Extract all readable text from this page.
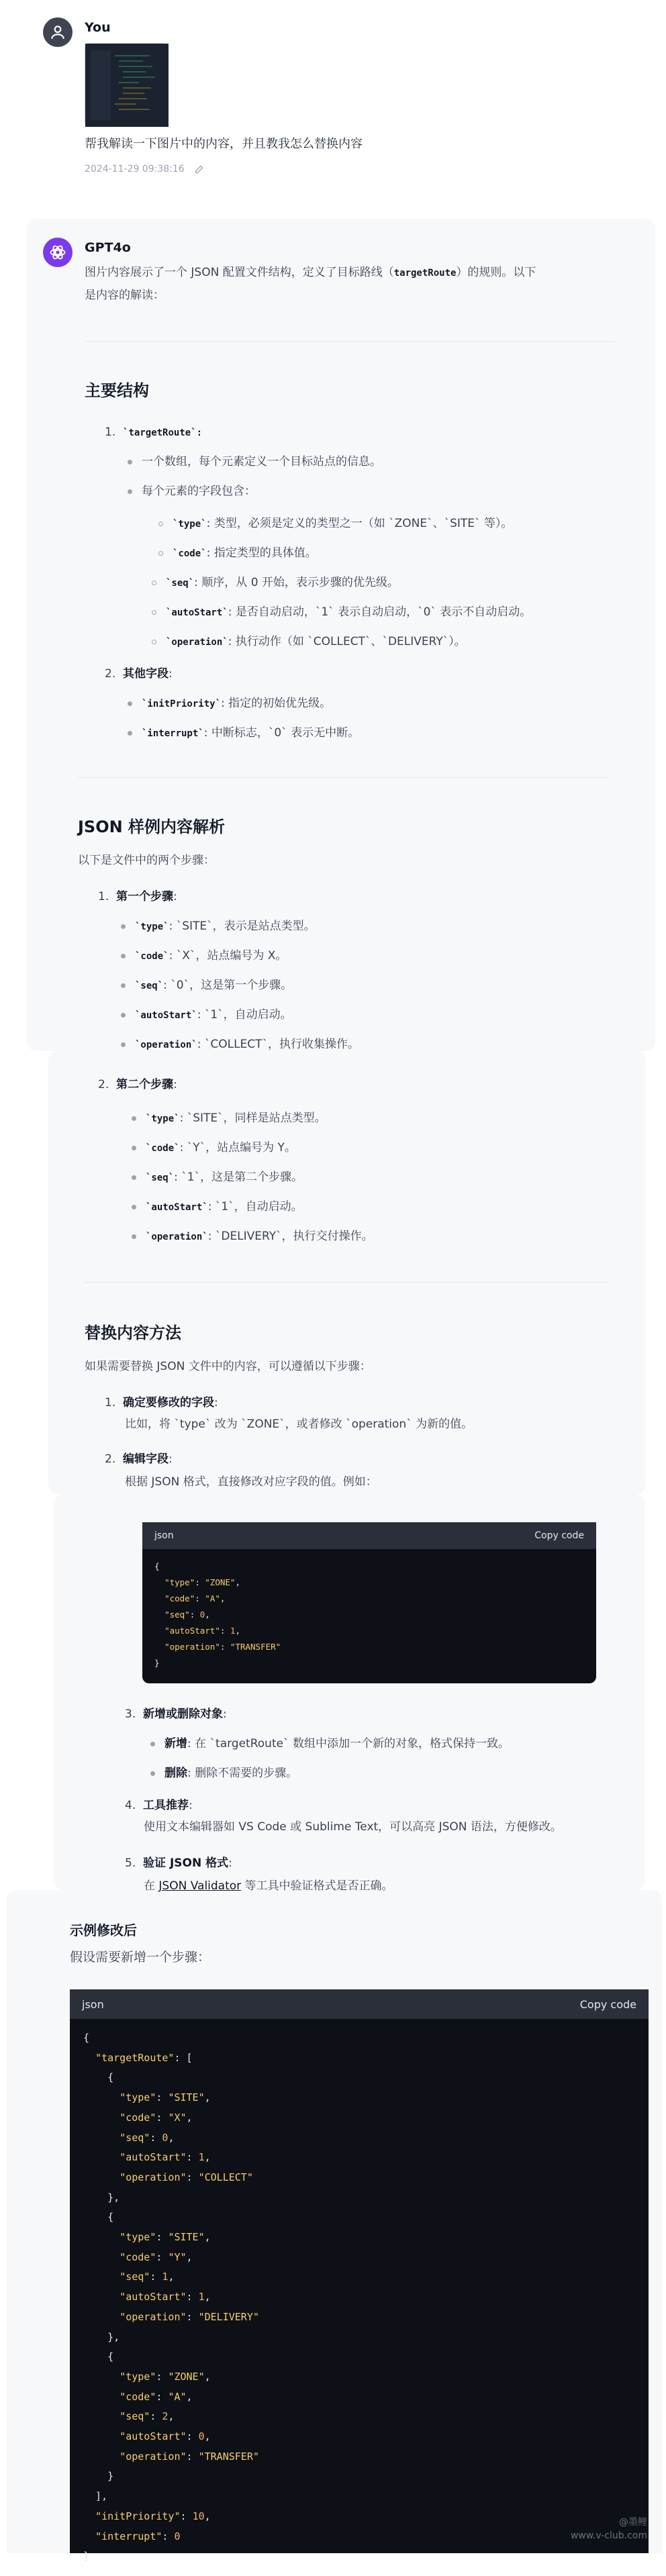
You
帮我解读一下图片中的内容，并且教我怎么替换内容
2024-11-29 09:38:16
GPT4o
图片内容展示了一个 JSON 配置文件结构，定义了目标路线（targetRoute）的规则。以下
是内容的解读：
主要结构
1. `targetRoute`:
一个数组，每个元素定义一个目标站点的信息。
每个元素的字段包含：
`type`: 类型，必须是定义的类型之一（如 `ZONE`、`SITE` 等）。
`code`: 指定类型的具体值。
`seq`: 顺序，从 0 开始，表示步骤的优先级。
`autoStart`: 是否自动启动，`1` 表示自动启动，`0` 表示不自动启动。
`operation`: 执行动作（如 `COLLECT`、`DELIVERY`）。
2. 其他字段:
`initPriority`: 指定的初始优先级。
`interrupt`: 中断标志，`0` 表示无中断。
JSON 样例内容解析
以下是文件中的两个步骤：
1. 第一个步骤:
`type`: `SITE`，表示是站点类型。
`code`: `X`，站点编号为 X。
`seq`: `0`，这是第一个步骤。
`autoStart`: `1`，自动启动。
`operation`: `COLLECT`，执行收集操作。
2. 第二个步骤:
`type`: `SITE`，同样是站点类型。
`code`: `Y`，站点编号为 Y。
`seq`: `1`，这是第二个步骤。
`autoStart`: `1`，自动启动。
`operation`: `DELIVERY`，执行交付操作。
替换内容方法
如果需要替换 JSON 文件中的内容，可以遵循以下步骤：
1. 确定要修改的字段:
比如，将 `type` 改为 `ZONE`，或者修改 `operation` 为新的值。
2. 编辑字段:
根据 JSON 格式，直接修改对应字段的值。例如：
json	Copy code
{
"type": "ZONE",
"code": "A",
"seq": 0,
"autoStart": 1,
"operation": "TRANSFER"
}
3. 新增或删除对象:
新增: 在 `targetRoute` 数组中添加一个新的对象，格式保持一致。
删除: 删除不需要的步骤。
4. 工具推荐:
使用文本编辑器如 VS Code 或 Sublime Text，可以高亮 JSON 语法，方便修改。
5. 验证 JSON 格式:
在 JSON Validator 等工具中验证格式是否正确。
示例修改后
假设需要新增一个步骤：
json	Copy code
{
"targetRoute": [
{
"type": "SITE",
"code": "X",
"seq": 0,
"autoStart": 1,
"operation": "COLLECT"
},
{
"type": "SITE",
"code": "Y",
"seq": 1,
"autoStart": 1,
"operation": "DELIVERY"
},
{
"type": "ZONE",
"code": "A",
"seq": 2,
"autoStart": 0,
"operation": "TRANSFER"
}
],
"initPriority": 10,
"interrupt": 0
}
@墨鲤
www.v-club.com
